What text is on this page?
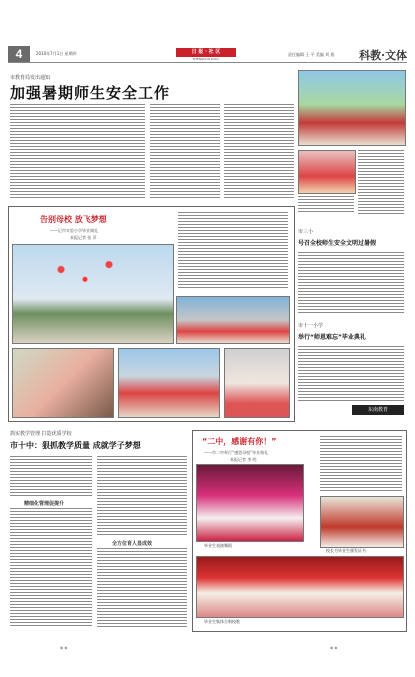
4	2010年7月1日 星期四	日 报 · 社 区
SHENGHUO DAILY
责任编辑 王 平 美编 刘 燕 科教·文体
市教育局发出通知
加强暑期师生安全工作
告别母校 放飞梦想
——记市实验小学毕业典礼
本报记者 张 萍
市三小
号召全校师生安全文明过暑假
市十一小学
举行“师恩难忘”毕业典礼
东南教育
抓实教学管理 打造优质学校
市十中：狠抓教学质量 成就学子梦想
精细化管理促提升
全方位育人显成效
“二中，感谢有你！”
——市二中举行“感恩母校”毕业典礼
本报记者 李 明
毕业生表演舞蹈
校长为毕业生颁发证书
毕业生集体合唱校歌
◆ ◆	◆ ◆
